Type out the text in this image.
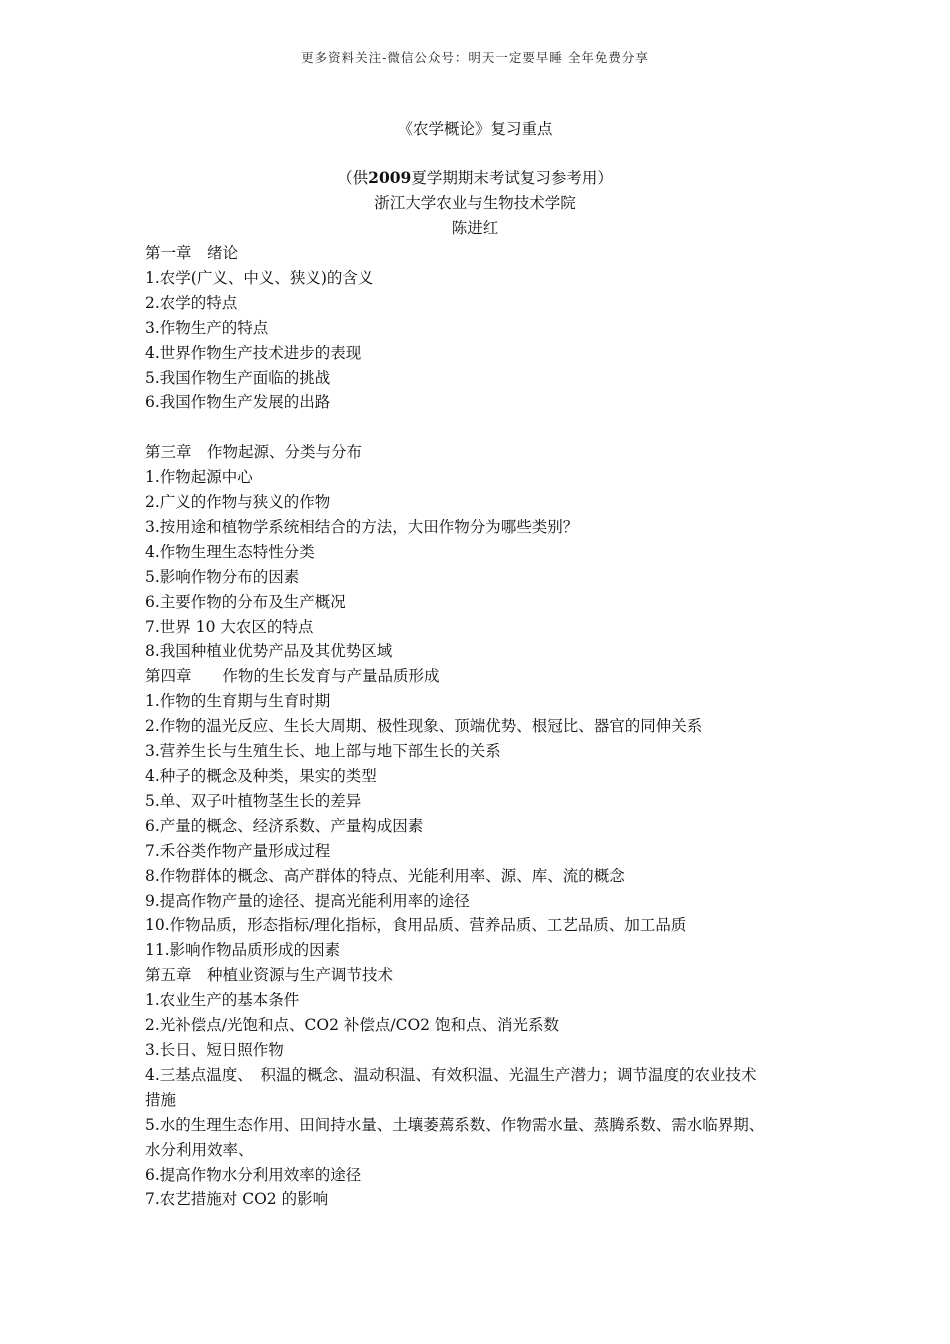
更多资料关注-微信公众号：明天一定要早睡 全年免费分享
《农学概论》复习重点
（供2009夏学期期末考试复习参考用）
浙江大学农业与生物技术学院
陈进红
第一章　绪论
1.农学(广义、中义、狭义)的含义
2.农学的特点
3.作物生产的特点
4.世界作物生产技术进步的表现
5.我国作物生产面临的挑战
6.我国作物生产发展的出路
第三章　作物起源、分类与分布
1.作物起源中心
2.广义的作物与狭义的作物
3.按用途和植物学系统相结合的方法，大田作物分为哪些类别？
4.作物生理生态特性分类
5.影响作物分布的因素
6.主要作物的分布及生产概况
7.世界 10 大农区的特点
8.我国种植业优势产品及其优势区域
第四章　　作物的生长发育与产量品质形成
1.作物的生育期与生育时期
2.作物的温光反应、生长大周期、极性现象、顶端优势、根冠比、器官的同伸关系
3.营养生长与生殖生长、地上部与地下部生长的关系
4.种子的概念及种类，果实的类型
5.单、双子叶植物茎生长的差异
6.产量的概念、经济系数、产量构成因素
7.禾谷类作物产量形成过程
8.作物群体的概念、高产群体的特点、光能利用率、源、库、流的概念
9.提高作物产量的途径、提高光能利用率的途径
10.作物品质，形态指标/理化指标，食用品质、营养品质、工艺品质、加工品质
11.影响作物品质形成的因素
第五章　种植业资源与生产调节技术
1.农业生产的基本条件
2.光补偿点/光饱和点、CO2 补偿点/CO2 饱和点、消光系数
3.长日、短日照作物
4.三基点温度、　积温的概念、温动积温、有效积温、光温生产潜力；调节温度的农业技术
措施
5.水的生理生态作用、田间持水量、土壤萎蔫系数、作物需水量、蒸腾系数、需水临界期、
水分利用效率、
6.提高作物水分利用效率的途径
7.农艺措施对 CO2 的影响
